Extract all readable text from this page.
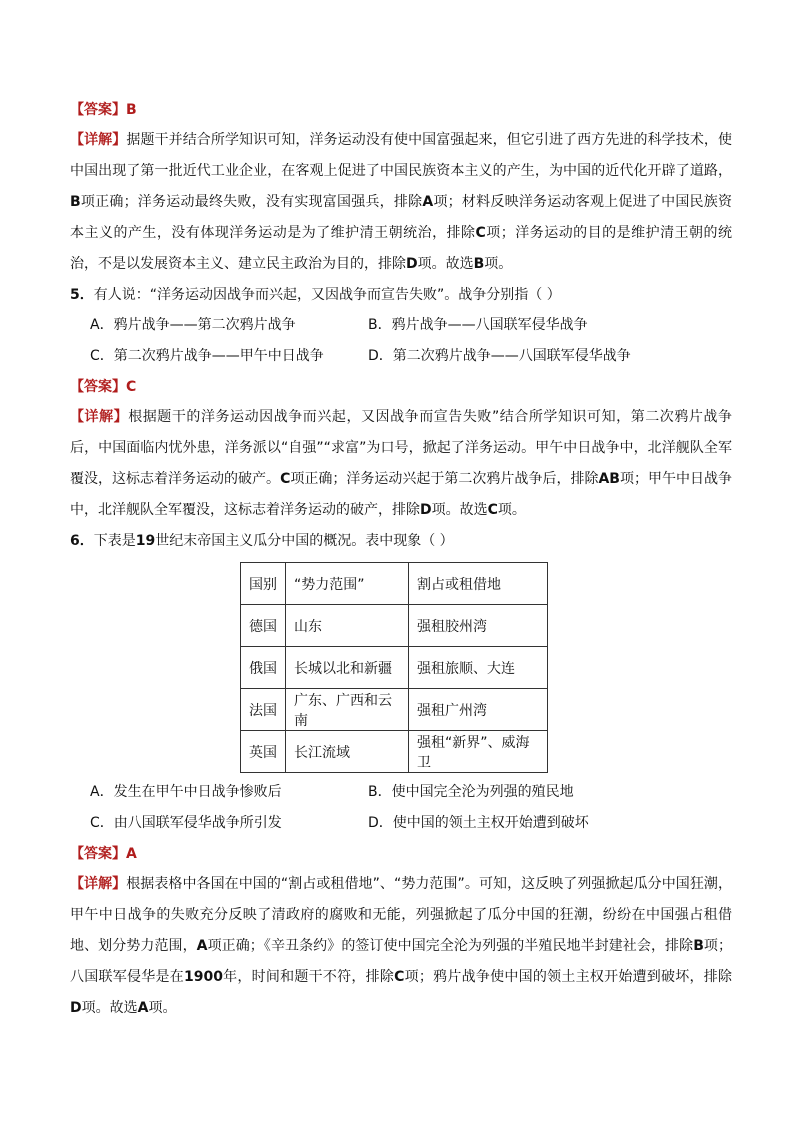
【答案】B

【详解】据题干并结合所学知识可知，洋务运动没有使中国富强起来，但它引进了西方先进的科学技术，使中国出现了第一批近代工业企业，在客观上促进了中国民族资本主义的产生，为中国的近代化开辟了道路，B项正确；洋务运动最终失败，没有实现富国强兵，排除A项；材料反映洋务运动客观上促进了中国民族资本主义的产生，没有体现洋务运动是为了维护清王朝统治，排除C项；洋务运动的目的是维护清王朝的统治，不是以发展资本主义、建立民主政治为目的，排除D项。故选B项。

5．有人说：“洋务运动因战争而兴起，又因战争而宣告失败”。战争分别指（ ）

A．鸦片战争——第二次鸦片战争	B．鸦片战争——八国联军侵华战争
C．第二次鸦片战争——甲午中日战争	D．第二次鸦片战争——八国联军侵华战争

【答案】C

【详解】根据题干的洋务运动因战争而兴起，又因战争而宣告失败”结合所学知识可知，第二次鸦片战争后，中国面临内忧外患，洋务派以“自强”“求富”为口号，掀起了洋务运动。甲午中日战争中，北洋舰队全军覆没，这标志着洋务运动的破产。C项正确；洋务运动兴起于第二次鸦片战争后，排除AB项；甲午中日战争中，北洋舰队全军覆没，这标志着洋务运动的破产，排除D项。故选C项。

6．下表是19世纪末帝国主义瓜分中国的概况。表中现象（ ）

国别	“势力范围”	割占或租借地
德国	山东	强租胶州湾
俄国	长城以北和新疆	强租旅顺、大连
法国	广东、广西和云南	强租广州湾
英国	长江流域	强租“新界”、威海卫
A．发生在甲午中日战争惨败后	B．使中国完全沦为列强的殖民地
C．由八国联军侵华战争所引发	D．使中国的领土主权开始遭到破坏

【答案】A

【详解】根据表格中各国在中国的“割占或租借地”、“势力范围”。可知，这反映了列强掀起瓜分中国狂潮，甲午中日战争的失败充分反映了清政府的腐败和无能，列强掀起了瓜分中国的狂潮，纷纷在中国强占租借地、划分势力范围，A项正确；《辛丑条约》的签订使中国完全沦为列强的半殖民地半封建社会，排除B项；八国联军侵华是在1900年，时间和题干不符，排除C项；鸦片战争使中国的领土主权开始遭到破坏，排除D项。故选A项。
